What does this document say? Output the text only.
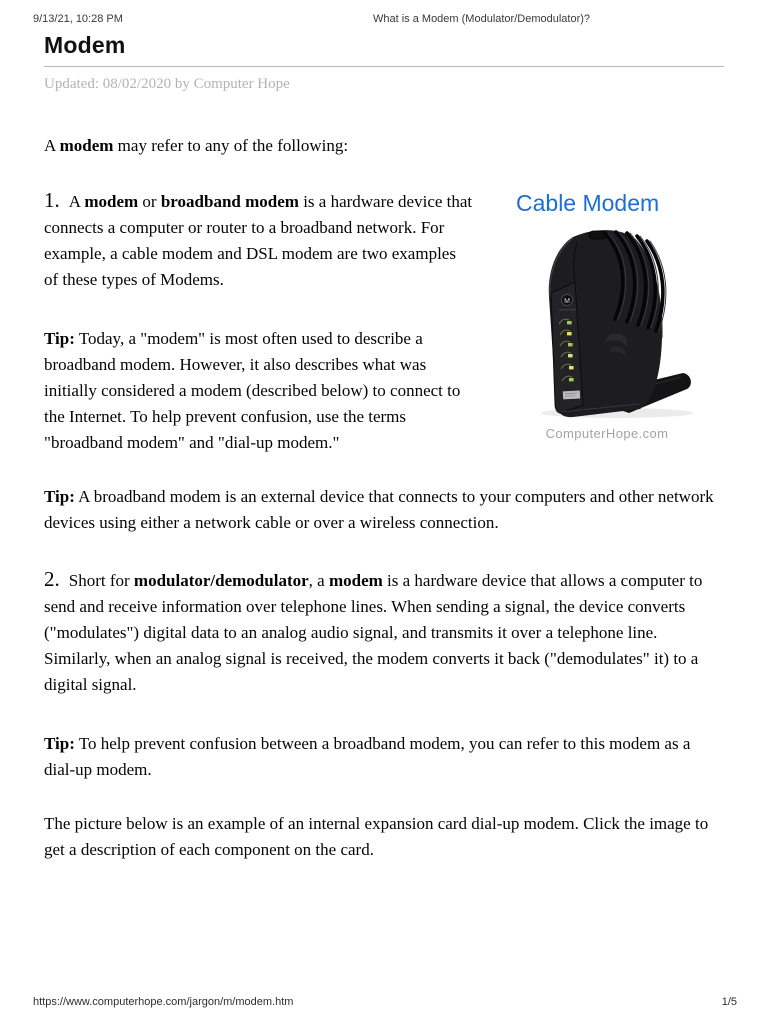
9/13/21, 10:28 PM	What is a Modem (Modulator/Demodulator)?
Modem

Updated: 08/02/2020 by Computer Hope

A modem may refer to any of the following:

1. A modem or broadband modem is a hardware device that connects a computer or router to a broadband network. For example, a cable modem and DSL modem are two examples of these types of Modems.

Tip: Today, a "modem" is most often used to describe a broadband modem. However, it also describes what was initially considered a modem (described below) to connect to the Internet. To help prevent confusion, use the terms "broadband modem" and "dial-up modem."

Cable Modem
M
ComputerHope.com

Tip: A broadband modem is an external device that connects to your computers and other network devices using either a network cable or over a wireless connection.

2. Short for modulator/demodulator, a modem is a hardware device that allows a computer to send and receive information over telephone lines. When sending a signal, the device converts ("modulates") digital data to an analog audio signal, and transmits it over a telephone line. Similarly, when an analog signal is received, the modem converts it back ("demodulates" it) to a digital signal.

Tip: To help prevent confusion between a broadband modem, you can refer to this modem as a dial-up modem.

The picture below is an example of an internal expansion card dial-up modem. Click the image to get a description of each component on the card.

https://www.computerhope.com/jargon/m/modem.htm	1/5
